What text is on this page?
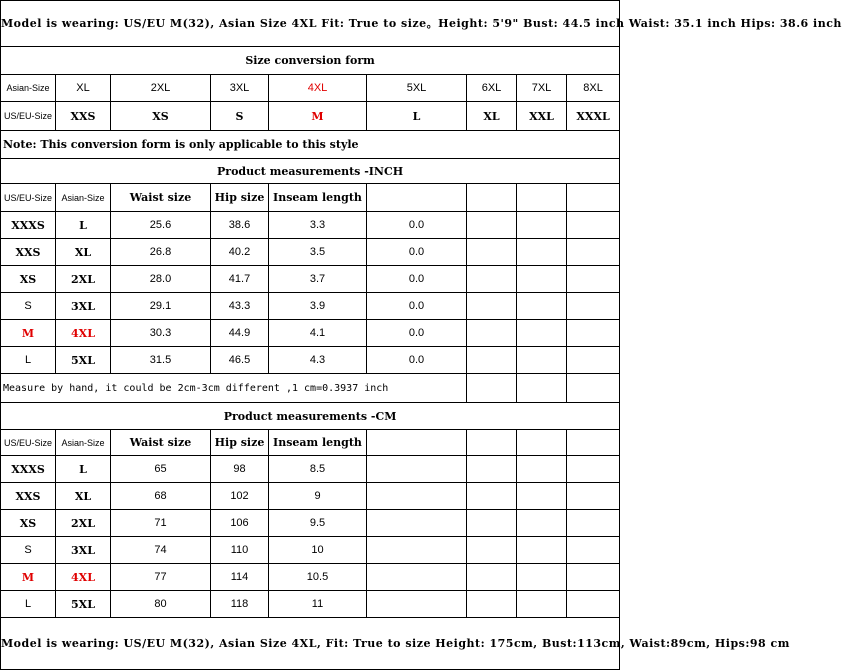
Model is wearing: US/EU M(32), Asian Size 4XL Fit: True to size。Height: 5'9" Bust: 44.5 inch Waist: 35.1 inch Hips: 38.6 inch								
Size conversion form								
Asian-Size	XL	2XL	3XL	4XL	5XL	6XL	7XL	8XL
US/EU-Size	XXS	XS	S	M	L	XL	XXL	XXXL
Note: This conversion form is only applicable to this style								
Product measurements -INCH								
US/EU-Size	Asian-Size	Waist size	Hip size	Inseam length				
XXXS	L	25.6	38.6	3.3	0.0			
XXS	XL	26.8	40.2	3.5	0.0			
XS	2XL	28.0	41.7	3.7	0.0			
S	3XL	29.1	43.3	3.9	0.0			
M	4XL	30.3	44.9	4.1	0.0			
L	5XL	31.5	46.5	4.3	0.0			
Measure by hand, it could be 2cm-3cm different ,1 cm=0.3937 inch								
Product measurements -CM								
US/EU-Size	Asian-Size	Waist size	Hip size	Inseam length				
XXXS	L	65	98	8.5				
XXS	XL	68	102	9				
XS	2XL	71	106	9.5				
S	3XL	74	110	10				
M	4XL	77	114	10.5				
L	5XL	80	118	11				
Model is wearing: US/EU M(32), Asian Size 4XL, Fit: True to size Height: 175cm, Bust:113cm, Waist:89cm, Hips:98 cm								
